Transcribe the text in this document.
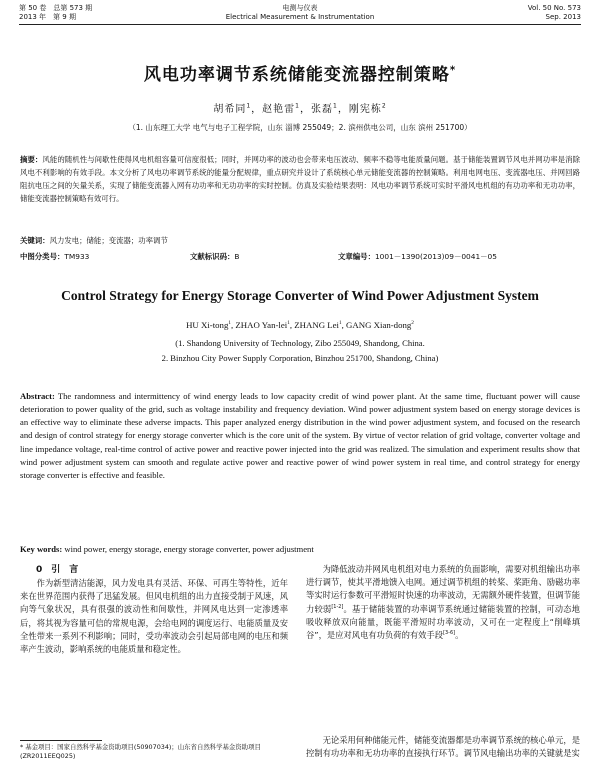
第 50 卷　总第 573 期
2013 年　第 9 期
电测与仪表
Electrical Measurement & Instrumentation
Vol. 50 No. 573
Sep. 2013
风电功率调节系统储能变流器控制策略*
胡希同$^1$，赵艳雷$^1$，张磊$^1$，刚宪栋$^2$
（1. 山东理工大学 电气与电子工程学院，山东 淄博 255049；2. 滨州供电公司，山东 滨州 251700）
摘要：风能的随机性与间歇性使得风电机组容量可信度很低；同时，并网功率的波动也会带来电压波动、频率不稳等电能质量问题。基于储能装置调节风电并网功率是消除风电不利影响的有效手段。本文分析了风电功率调节系统的能量分配规律，重点研究并设计了系统核心单元储能变流器的控制策略。利用电网电压、变流器电压、并网回路阻抗电压之间的矢量关系，实现了储能变流器入网有功功率和无功功率的实时控制。仿真及实验结果表明：风电功率调节系统可实时平滑风电机组的有功功率和无功功率，储能变流器控制策略有效可行。
关键词：风力发电；储能；变流器；功率调节
中图分类号：TM933	文献标识码：B	文章编号：1001－1390(2013)09－0041－05
Control Strategy for Energy Storage Converter of Wind Power Adjustment System
HU Xi-tong$^1$, ZHAO Yan-lei$^1$, ZHANG Lei$^1$, GANG Xian-dong$^2$
(1. Shandong University of Technology, Zibo 255049, Shandong, China.
2. Binzhou City Power Supply Corporation, Binzhou 251700, Shandong, China)
Abstract: The randomness and intermittency of wind energy leads to low capacity credit of wind power plant. At the same time, fluctuant power will cause deterioration to power quality of the grid, such as voltage instability and frequency deviation. Wind power adjustment system based on energy storage devices is an effective way to eliminate these adverse impacts. This paper analyzed energy distribution in the wind power adjustment system, and focused on the research and design of control strategy for energy storage converter which is the core unit of the system. By virtue of vector relation of grid voltage, converter voltage and line impedance voltage, real-time control of active power and reactive power injected into the grid was realized. The simulation and experiment results show that wind power adjustment system can smooth and regulate active power and reactive power of wind power system in real time, and control strategy for energy storage converter is effective and feasible.
Key words: wind power, energy storage, energy storage converter, power adjustment
0　引　言
作为新型清洁能源，风力发电具有灵活、环保、可再生等特性，近年来在世界范围内获得了迅猛发展。但风电机组的出力直接受制于风速，风向等气象状况，具有很强的波动性和间歇性，并网风电达到一定渗透率后，将其视为容量可信的常规电源，会给电网的调度运行、电能质量及安全性带来一系列不利影响；同时，受功率波动会引起局部电网的电压和频率产生波动，影响系统的电能质量和稳定性。
* 基金项目：国家自然科学基金资助项目(50907034)；山东省自然科学基金资助项目(ZR2011EEQ025)
为降低波动并网风电机组对电力系统的负面影响，需要对机组输出功率进行调节，使其平滑地馈入电网。通过调节机组的转桨、桨距角、励磁功率等实时运行参数可平滑短时快速的功率波动，无需额外硬件装置，但调节能力较弱[1-2]。基于储能装置的功率调节系统通过储能装置的控制，可动态地吸收释放双向能量，既能平滑短时功率波动，又可在一定程度上“削峰填谷”，是应对风电有功负荷的有效手段[3-6]。
无论采用何种储能元件，储能变流器都是功率调节系统的核心单元，是控制有功功率和无功功率的直接执行环节。调节风电输出功率的关键就是实
